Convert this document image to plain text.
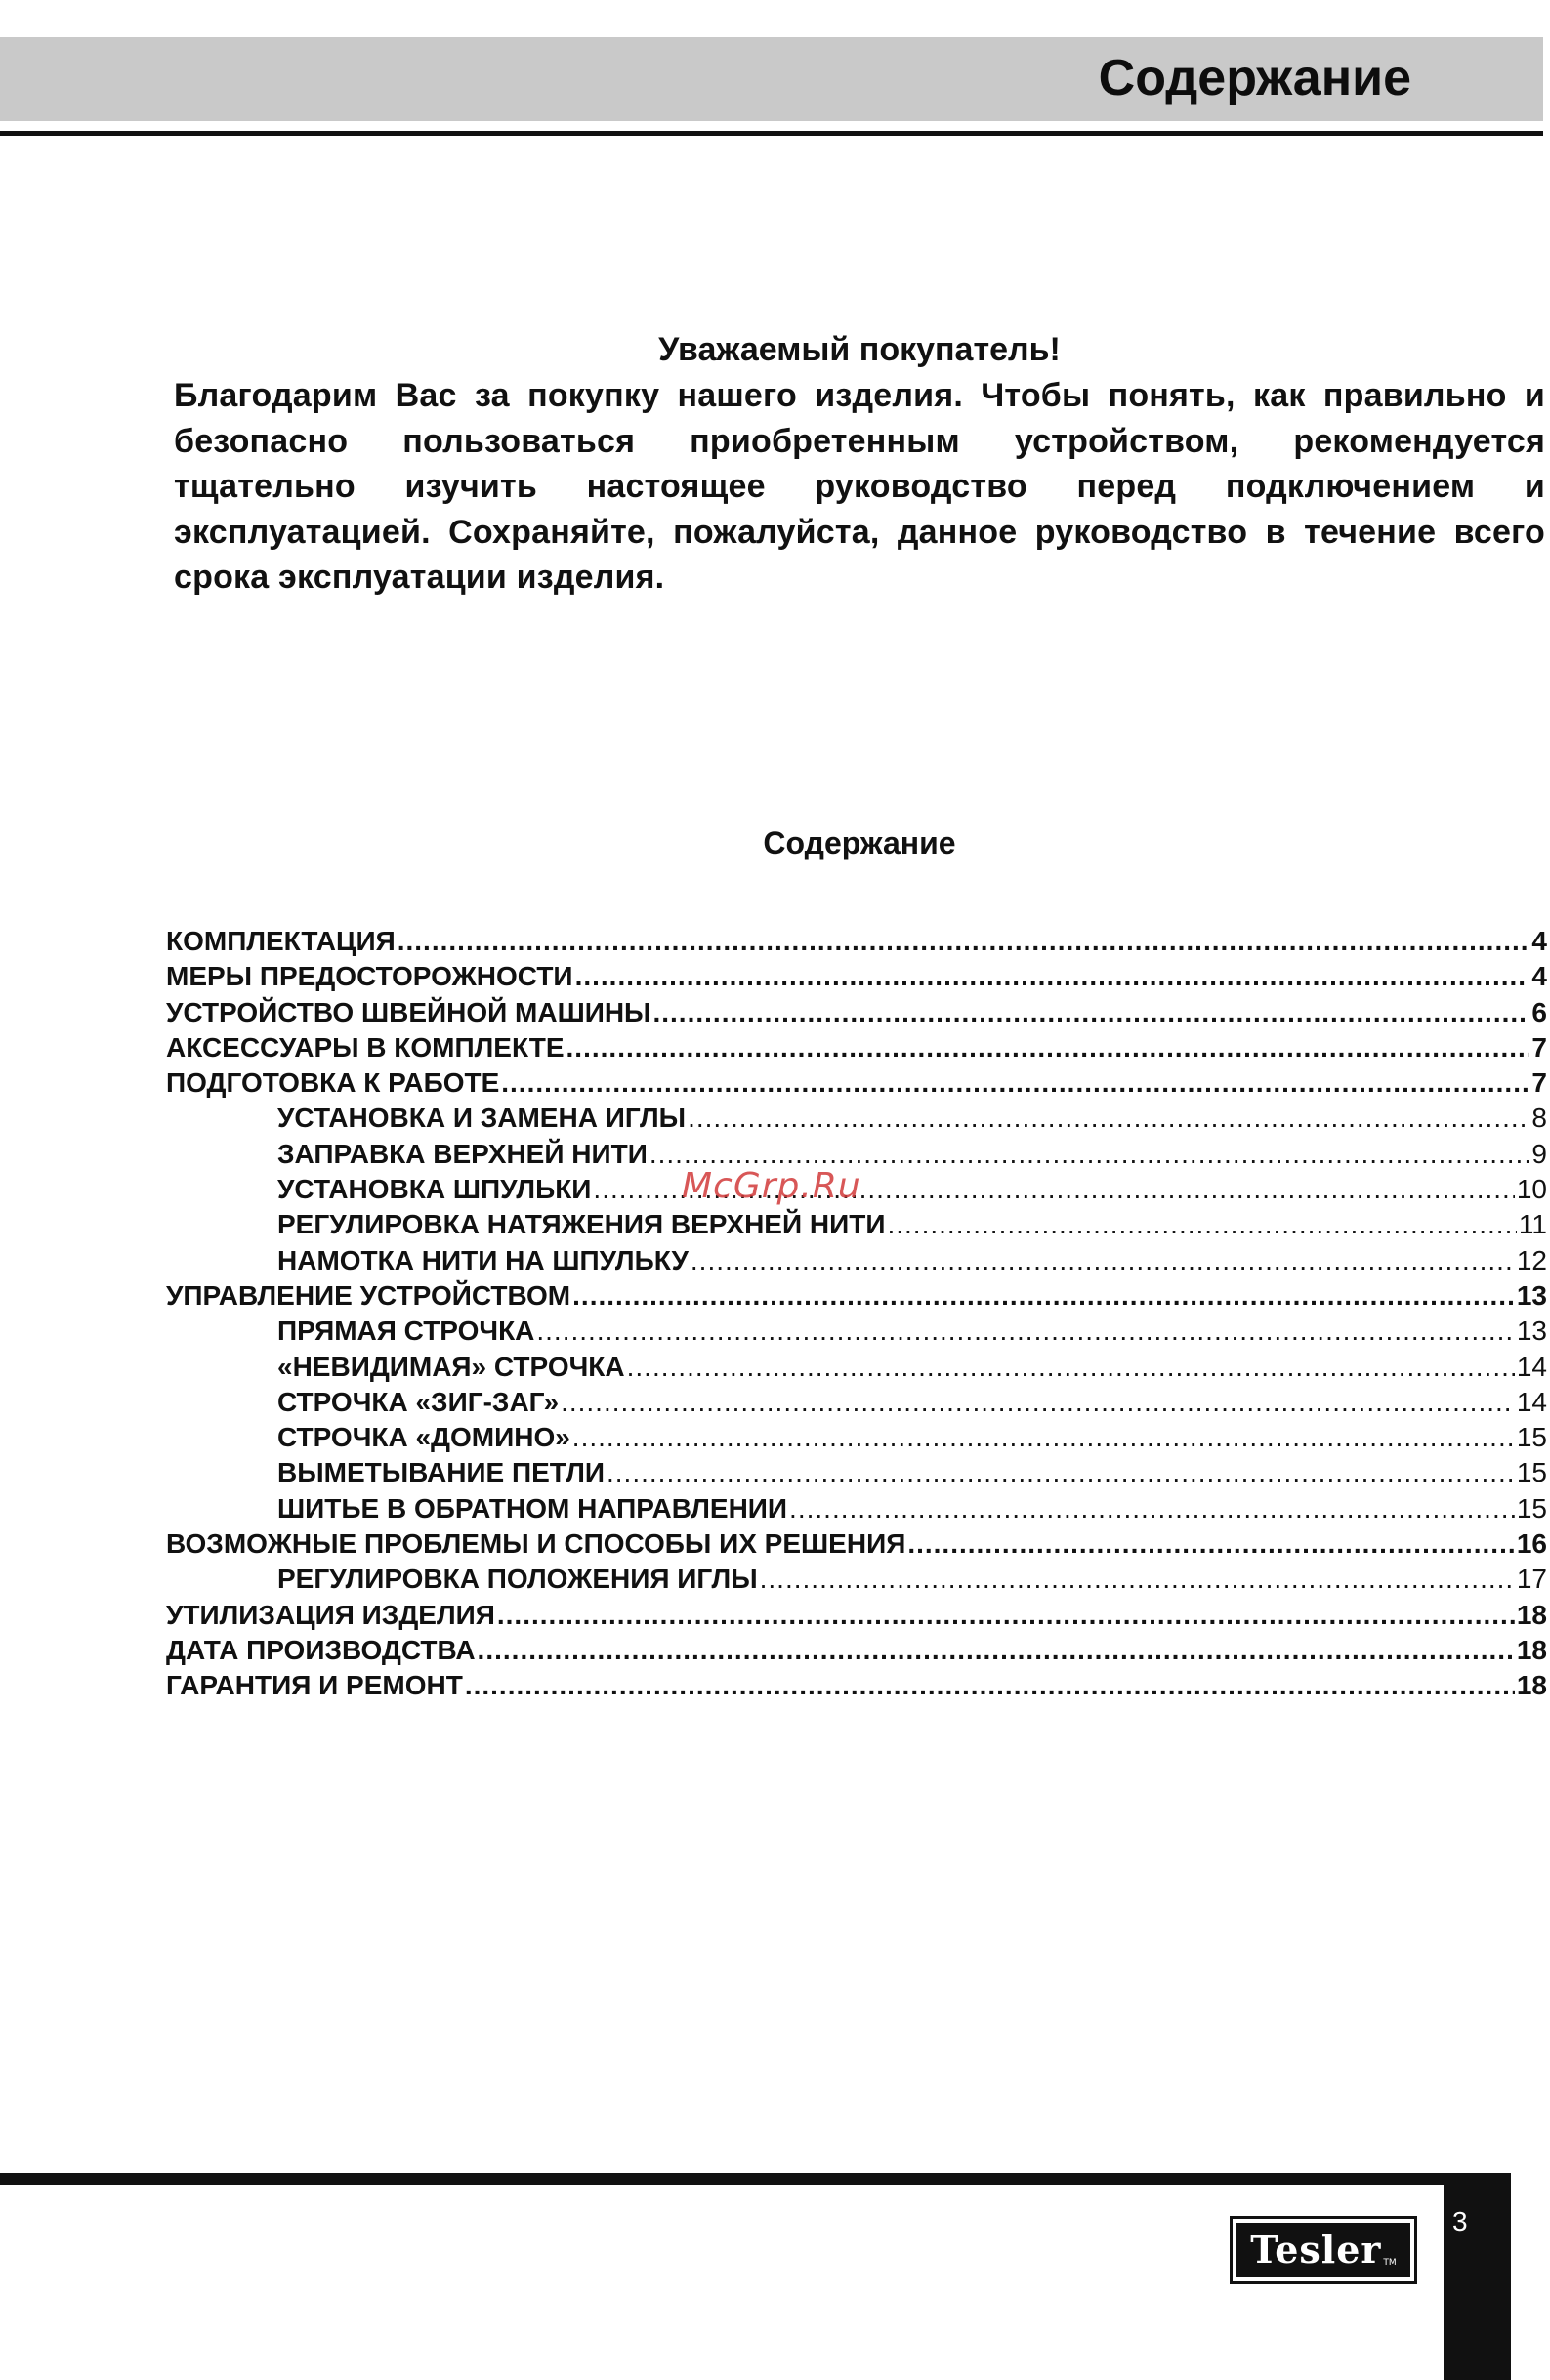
Содержание
Уважаемый покупатель!
Благодарим Вас за покупку нашего изделия. Чтобы понять, как правильно и безопасно пользоваться приобретенным устройством, рекомендуется тщательно изучить настоящее руководство перед подключением и эксплуатацией. Сохраняйте, пожалуйста, данное руководство в течение всего срока эксплуатации изделия.
Содержание
КОМПЛЕКТАЦИЯ .....	4
МЕРЫ ПРЕДОСТОРОЖНОСТИ .....	4
УСТРОЙСТВО ШВЕЙНОЙ МАШИНЫ .....	6
АКСЕССУАРЫ В КОМПЛЕКТЕ .....	7
ПОДГОТОВКА К РАБОТЕ .....	7
УСТАНОВКА И ЗАМЕНА ИГЛЫ .....	8
ЗАПРАВКА ВЕРХНЕЙ НИТИ .....	9
УСТАНОВКА ШПУЛЬКИ .....	10
РЕГУЛИРОВКА НАТЯЖЕНИЯ ВЕРХНЕЙ НИТИ .....	11
НАМОТКА НИТИ НА ШПУЛЬКУ .....	12
УПРАВЛЕНИЕ УСТРОЙСТВОМ .....	13
ПРЯМАЯ СТРОЧКА .....	13
«НЕВИДИМАЯ» СТРОЧКА .....	14
СТРОЧКА «ЗИГ-ЗАГ» .....	14
СТРОЧКА «ДОМИНО» .....	15
ВЫМЕТЫВАНИЕ ПЕТЛИ .....	15
ШИТЬЕ В ОБРАТНОМ НАПРАВЛЕНИИ .....	15
ВОЗМОЖНЫЕ ПРОБЛЕМЫ И СПОСОБЫ ИХ РЕШЕНИЯ .....	16
РЕГУЛИРОВКА ПОЛОЖЕНИЯ ИГЛЫ .....	17
УТИЛИЗАЦИЯ ИЗДЕЛИЯ .....	18
ДАТА ПРОИЗВОДСТВА .....	18
ГАРАНТИЯ И РЕМОНТ .....	18
McGrp.Ru
3
Tesler TM
